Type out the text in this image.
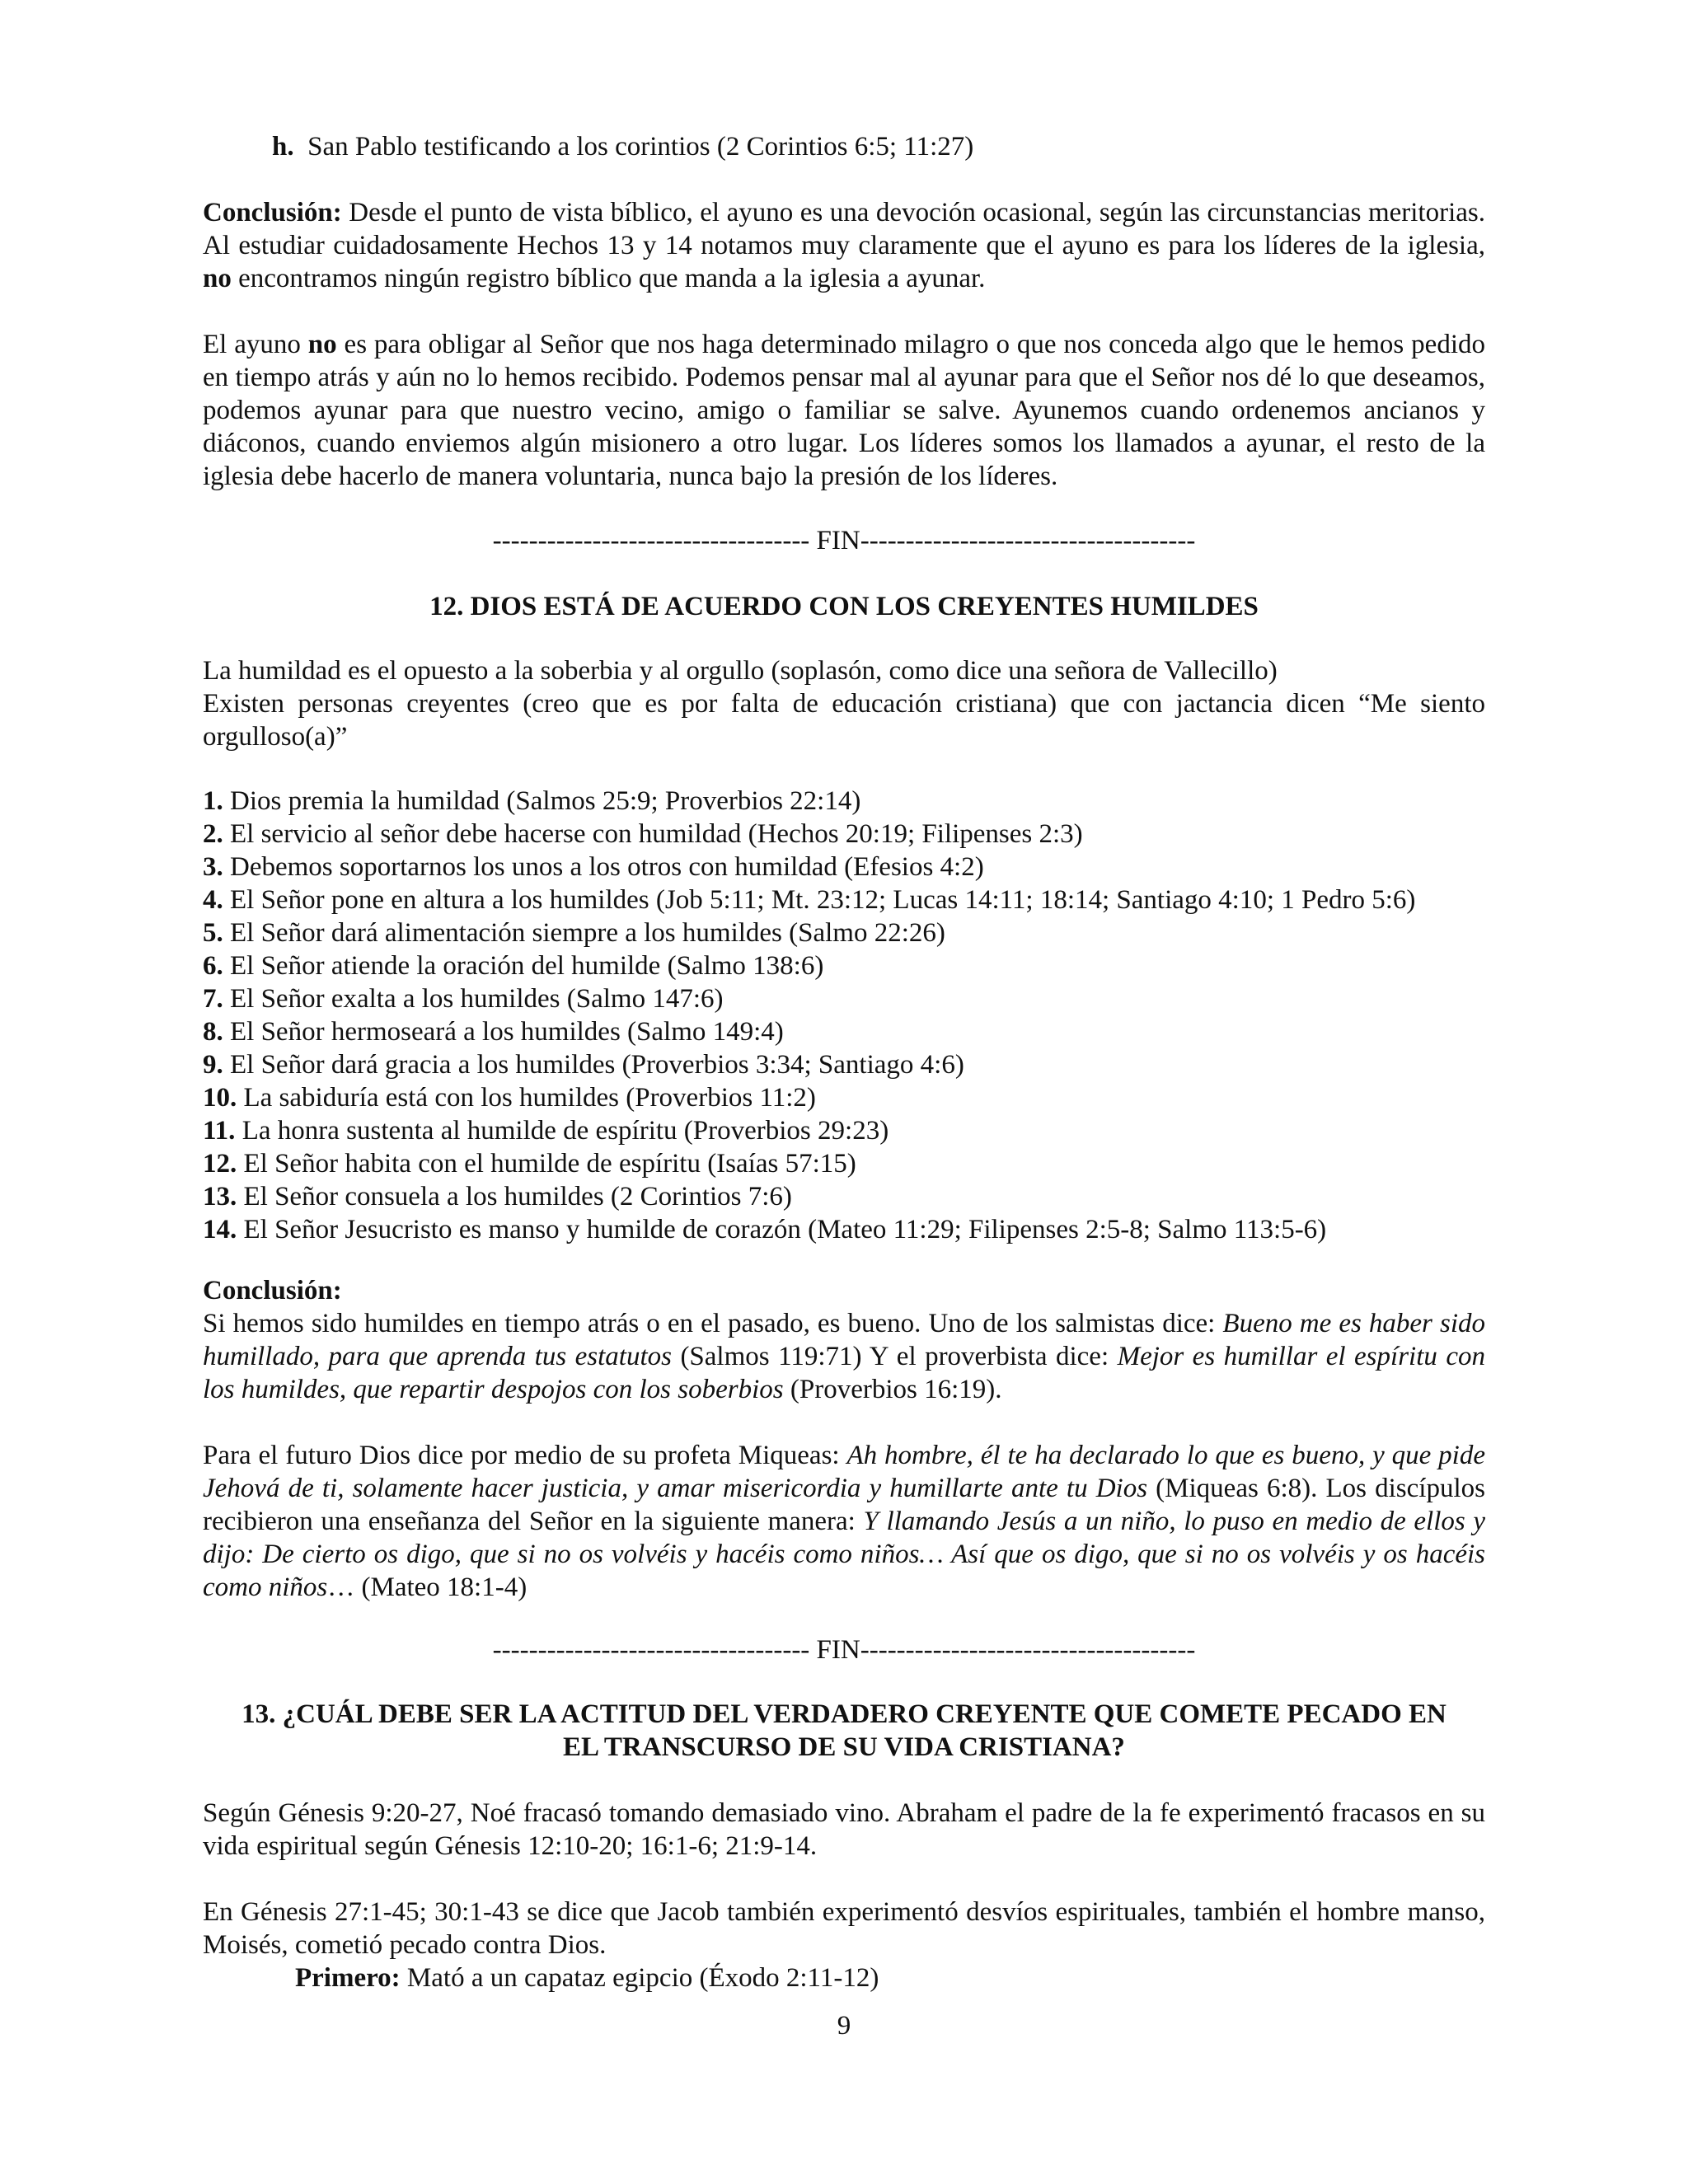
h. San Pablo testificando a los corintios (2 Corintios 6:5; 11:27)

Conclusión: Desde el punto de vista bíblico, el ayuno es una devoción ocasional, según las circunstancias meritorias. Al estudiar cuidadosamente Hechos 13 y 14 notamos muy claramente que el ayuno es para los líderes de la iglesia, no encontramos ningún registro bíblico que manda a la iglesia a ayunar.

El ayuno no es para obligar al Señor que nos haga determinado milagro o que nos conceda algo que le hemos pedido en tiempo atrás y aún no lo hemos recibido. Podemos pensar mal al ayunar para que el Señor nos dé lo que deseamos, podemos ayunar para que nuestro vecino, amigo o familiar se salve. Ayunemos cuando ordenemos ancianos y diáconos, cuando enviemos algún misionero a otro lugar. Los líderes somos los llamados a ayunar, el resto de la iglesia debe hacerlo de manera voluntaria, nunca bajo la presión de los líderes.

----------------------------------- FIN-------------------------------------

12. DIOS ESTÁ DE ACUERDO CON LOS CREYENTES HUMILDES

La humildad es el opuesto a la soberbia y al orgullo (soplasón, como dice una señora de Vallecillo)

Existen personas creyentes (creo que es por falta de educación cristiana) que con jactancia dicen “Me siento orgulloso(a)”

1. Dios premia la humildad (Salmos 25:9; Proverbios 22:14)
2. El servicio al señor debe hacerse con humildad (Hechos 20:19; Filipenses 2:3)
3. Debemos soportarnos los unos a los otros con humildad (Efesios 4:2)
4. El Señor pone en altura a los humildes (Job 5:11; Mt. 23:12; Lucas 14:11; 18:14; Santiago 4:10; 1 Pedro 5:6)
5. El Señor dará alimentación siempre a los humildes (Salmo 22:26)
6. El Señor atiende la oración del humilde (Salmo 138:6)
7. El Señor exalta a los humildes (Salmo 147:6)
8. El Señor hermoseará a los humildes (Salmo 149:4)
9. El Señor dará gracia a los humildes (Proverbios 3:34; Santiago 4:6)
10. La sabiduría está con los humildes (Proverbios 11:2)
11. La honra sustenta al humilde de espíritu (Proverbios 29:23)
12. El Señor habita con el humilde de espíritu (Isaías 57:15)
13. El Señor consuela a los humildes (2 Corintios 7:6)
14. El Señor Jesucristo es manso y humilde de corazón (Mateo 11:29; Filipenses 2:5-8; Salmo 113:5-6)

Conclusión:

Si hemos sido humildes en tiempo atrás o en el pasado, es bueno. Uno de los salmistas dice: Bueno me es haber sido humillado, para que aprenda tus estatutos (Salmos 119:71) Y el proverbista dice: Mejor es humillar el espíritu con los humildes, que repartir despojos con los soberbios (Proverbios 16:19).

Para el futuro Dios dice por medio de su profeta Miqueas: Ah hombre, él te ha declarado lo que es bueno, y que pide Jehová de ti, solamente hacer justicia, y amar misericordia y humillarte ante tu Dios (Miqueas 6:8). Los discípulos recibieron una enseñanza del Señor en la siguiente manera: Y llamando Jesús a un niño, lo puso en medio de ellos y dijo: De cierto os digo, que si no os volvéis y hacéis como niños… Así que os digo, que si no os volvéis y os hacéis como niños… (Mateo 18:1-4)

----------------------------------- FIN-------------------------------------

13. ¿CUÁL DEBE SER LA ACTITUD DEL VERDADERO CREYENTE QUE COMETE PECADO EN

EL TRANSCURSO DE SU VIDA CRISTIANA?

Según Génesis 9:20-27, Noé fracasó tomando demasiado vino. Abraham el padre de la fe experimentó fracasos en su vida espiritual según Génesis 12:10-20; 16:1-6; 21:9-14.

En Génesis 27:1-45; 30:1-43 se dice que Jacob también experimentó desvíos espirituales, también el hombre manso, Moisés, cometió pecado contra Dios.

Primero: Mató a un capataz egipcio (Éxodo 2:11-12)

9
